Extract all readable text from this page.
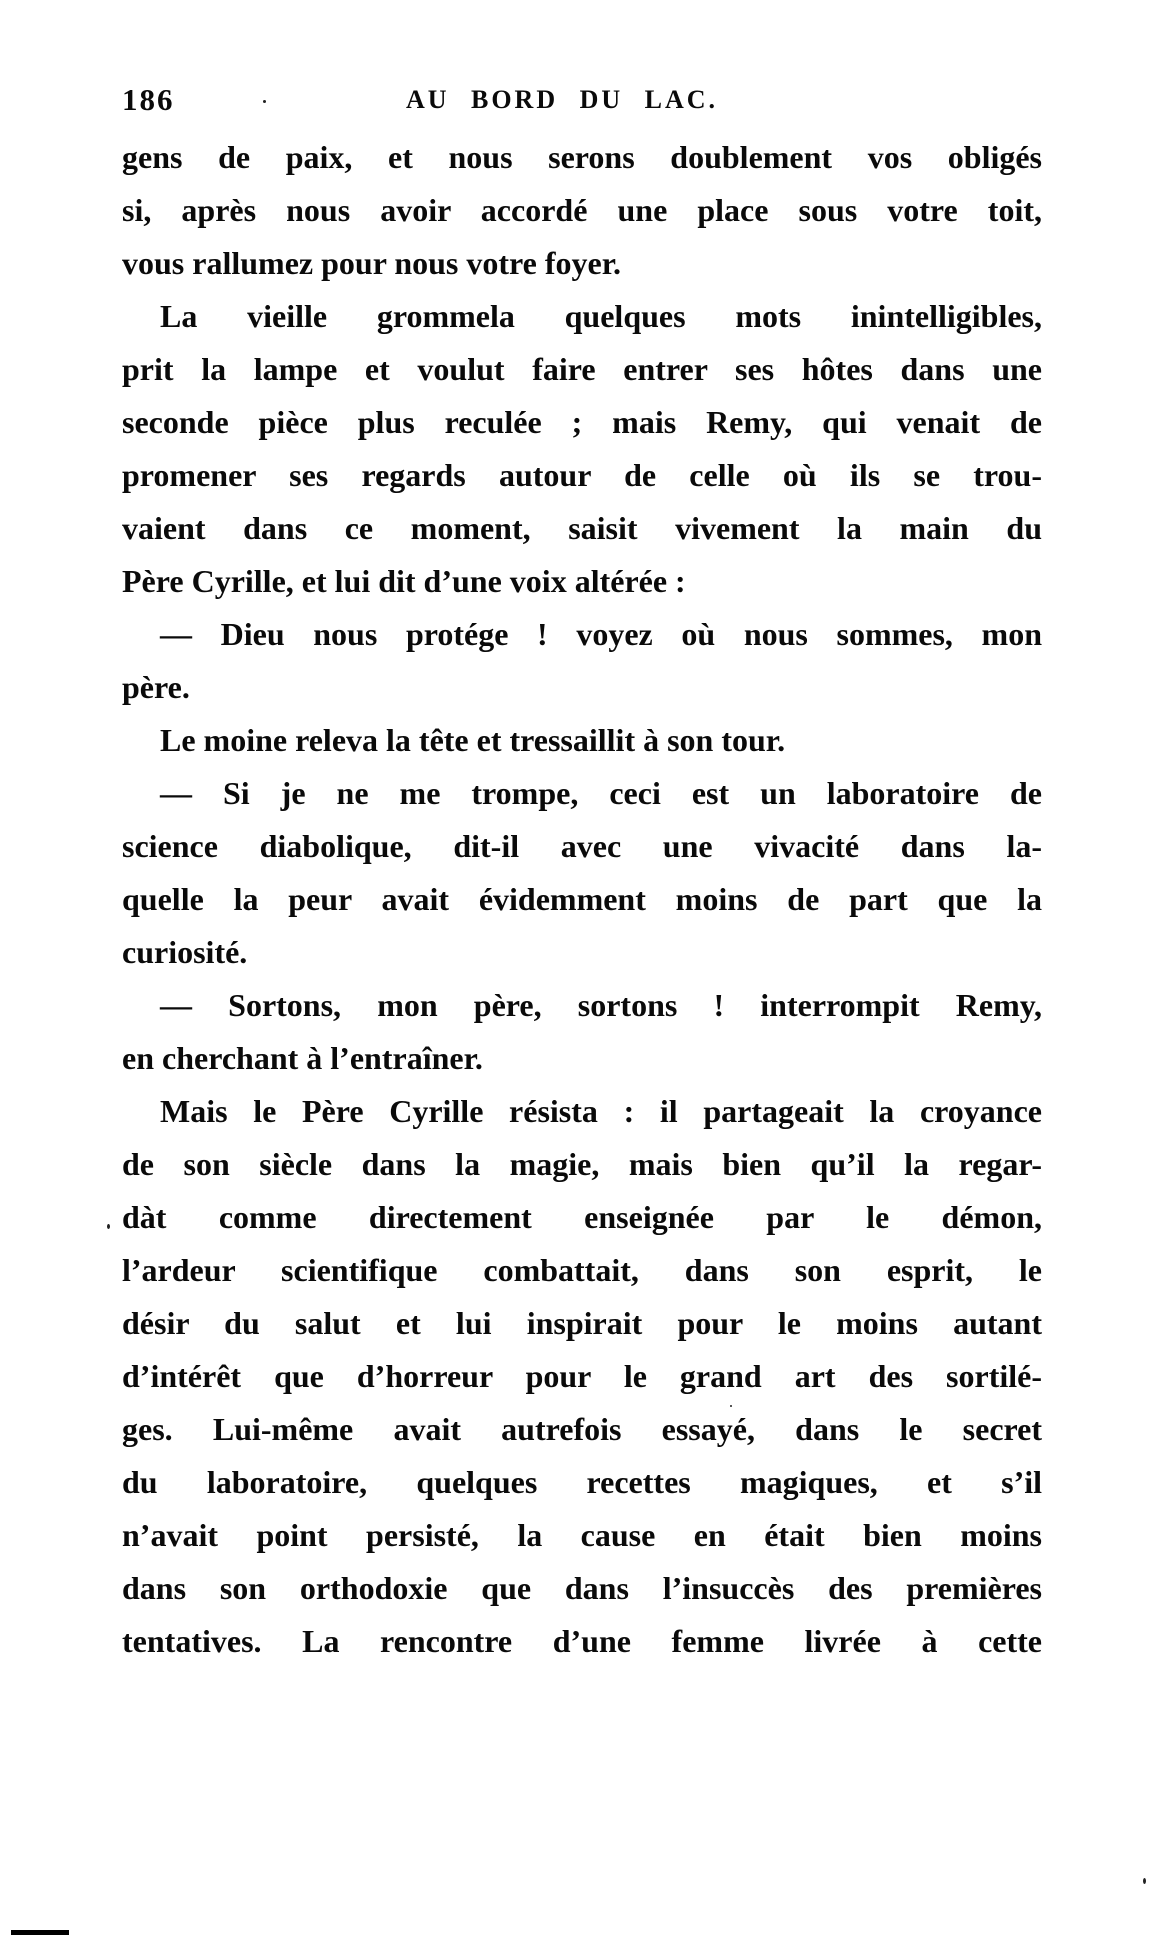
186	AU BORD DU LAC.
gens de paix, et nous serons doublement vos obligés
si, après nous avoir accordé une place sous votre toit,
vous rallumez pour nous votre foyer.
La vieille grommela quelques mots inintelligibles,
prit la lampe et voulut faire entrer ses hôtes dans une
seconde pièce plus reculée ; mais Remy, qui venait de
promener ses regards autour de celle où ils se trou-
vaient dans ce moment, saisit vivement la main du
Père Cyrille, et lui dit d’une voix altérée :
— Dieu nous protége ! voyez où nous sommes, mon
père.
Le moine releva la tête et tressaillit à son tour.
— Si je ne me trompe, ceci est un laboratoire de
science diabolique, dit-il avec une vivacité dans la-
quelle la peur avait évidemment moins de part que la
curiosité.
— Sortons, mon père, sortons ! interrompit Remy,
en cherchant à l’entraîner.
Mais le Père Cyrille résista : il partageait la croyance
de son siècle dans la magie, mais bien qu’il la regar-
dàt comme directement enseignée par le démon,
l’ardeur scientifique combattait, dans son esprit, le
désir du salut et lui inspirait pour le moins autant
d’intérêt que d’horreur pour le grand art des sortilé-
ges. Lui-même avait autrefois essayé, dans le secret
du laboratoire, quelques recettes magiques, et s’il
n’avait point persisté, la cause en était bien moins
dans son orthodoxie que dans l’insuccès des premières
tentatives. La rencontre d’une femme livrée à cette
